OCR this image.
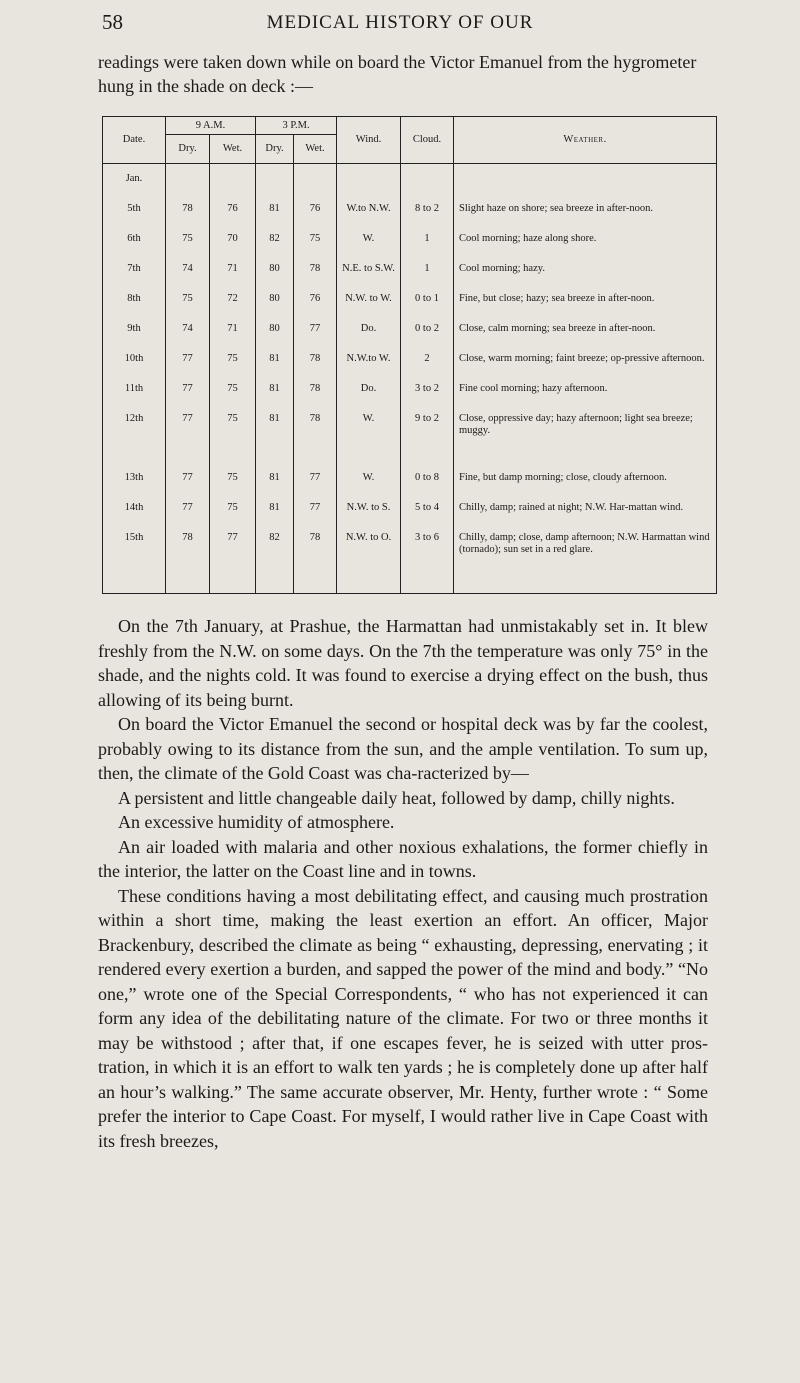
58	MEDICAL HISTORY OF OUR
readings were taken down while on board the Victor Emanuel from the hygrometer hung in the shade on deck :—
Date.	9 A.M.		3 P.M.		Wind.	Cloud.	Weather.
	Dry.	Wet.	Dry.	Wet.			

Jan.							
5th	78	76	81	76	W.to N.W.	8 to 2	Slight haze on shore; sea breeze in after-noon.
6th	75	70	82	75	W.	1	Cool morning; haze along shore.
7th	74	71	80	78	N.E. to S.W.	1	Cool morning; hazy.
8th	75	72	80	76	N.W. to W.	0 to 1	Fine, but close; hazy; sea breeze in after-noon.
9th	74	71	80	77	Do.	0 to 2	Close, calm morning; sea breeze in after-noon.
10th	77	75	81	78	N.W.to W.	2	Close, warm morning; faint breeze; op-pressive afternoon.
11th	77	75	81	78	Do.	3 to 2	Fine cool morning; hazy afternoon.
12th	77	75	81	78	W.	9 to 2	Close, oppressive day; hazy afternoon; light sea breeze; muggy.
13th	77	75	81	77	W.	0 to 8	Fine, but damp morning; close, cloudy afternoon.
14th	77	75	81	77	N.W. to S.	5 to 4	Chilly, damp; rained at night; N.W. Har-mattan wind.
15th	78	77	82	78	N.W. to O.	3 to 6	Chilly, damp; close, damp afternoon; N.W. Harmattan wind (tornado); sun set in a red glare.

On the 7th January, at Prashue, the Harmattan had unmistakably set in. It blew freshly from the N.W. on some days. On the 7th the temperature was only 75° in the shade, and the nights cold. It was found to exercise a drying effect on the bush, thus allowing of its being burnt.

On board the Victor Emanuel the second or hospital deck was by far the coolest, probably owing to its distance from the sun, and the ample ventilation. To sum up, then, the climate of the Gold Coast was cha-racterized by—

A persistent and little changeable daily heat, followed by damp, chilly nights.

An excessive humidity of atmosphere.

An air loaded with malaria and other noxious exhalations, the former chiefly in the interior, the latter on the Coast line and in towns.

These conditions having a most debilitating effect, and causing much prostration within a short time, making the least exertion an effort. An officer, Major Brackenbury, described the climate as being “ exhausting, depressing, enervating ; it rendered every exertion a burden, and sapped the power of the mind and body.” “No one,” wrote one of the Special Correspondents, “ who has not experienced it can form any idea of the debilitating nature of the climate. For two or three months it may be withstood ; after that, if one escapes fever, he is seized with utter pros-tration, in which it is an effort to walk ten yards ; he is completely done up after half an hour’s walking.” The same accurate observer, Mr. Henty, further wrote : “ Some prefer the interior to Cape Coast. For myself, I would rather live in Cape Coast with its fresh breezes,
